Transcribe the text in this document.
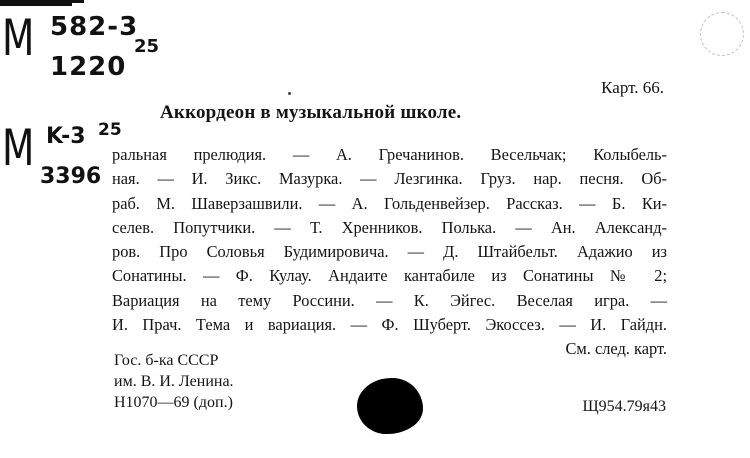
M 582-3
1220
25
M K-3 25
3396
Карт. 66.
Аккордеон в музыкальной школе.
ральная прелюдия. — А. Гречанинов. Весельчак; Колыбель-
ная. — И. Зикс. Мазурка. — Лезгинка. Груз. нар. песня. Об-
раб. М. Шаверзашвили. — А. Гольденвейзер. Рассказ. — Б. Ки-
селев. Попутчики. — Т. Хренников. Полька. — Ан. Александ-
ров. Про Соловья Будимировича. — Д. Штайбельт. Адажио из
Сонатины. — Ф. Кулау. Андаите кантабиле из Сонатины № 2;
Вариация на тему Россини. — К. Эйгес. Веселая игра. —
И. Прач. Тема и вариация. — Ф. Шуберт. Экоссез. — И. Гайдн.
См. след. карт.
Гос. б-ка СССР
им. В. И. Ленина.
Н1070—69 (доп.)	Щ954.79я43
